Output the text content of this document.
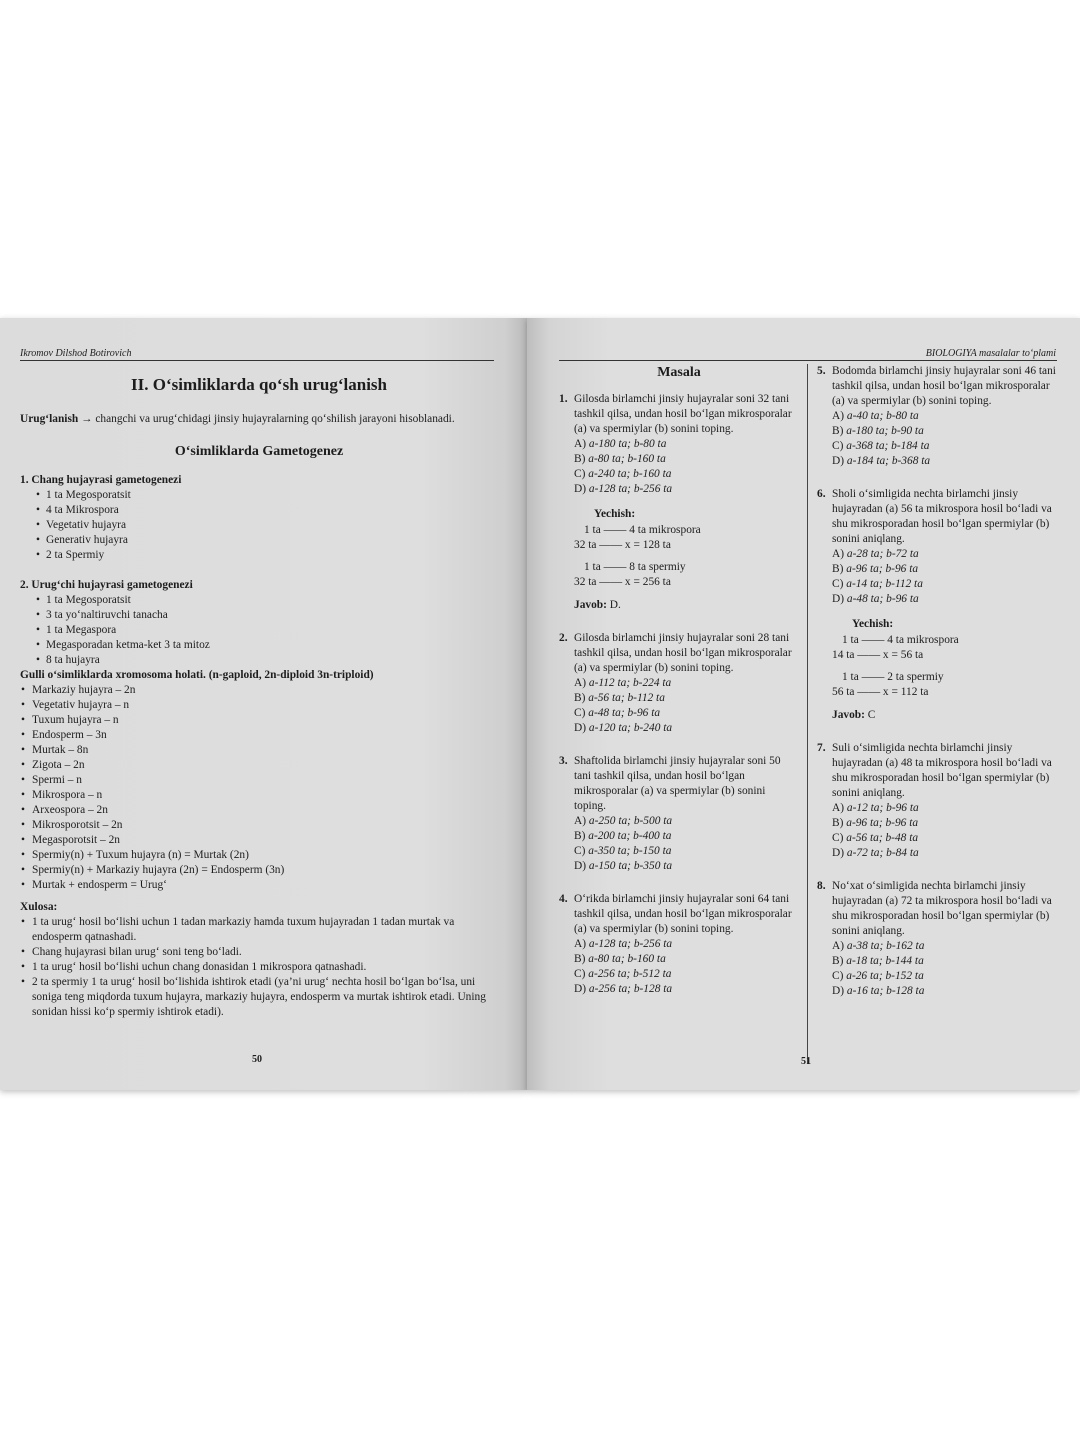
Ikromov Dilshod Botirovich
II. O‘simliklarda qo‘sh urug‘lanish

Urug‘lanish → changchi va urug‘chidagi jinsiy hujayralarning qo‘shilish jarayoni hisoblanadi.

O‘simliklarda Gametogenez

1. Chang hujayrasi gametogenezi

• 1 ta Megosporatsit
• 4 ta Mikrospora
• Vegetativ hujayra
• Generativ hujayra
• 2 ta Spermiy

2. Urug‘chi hujayrasi gametogenezi

• 1 ta Megosporatsit
• 3 ta yo‘naltiruvchi tanacha
• 1 ta Megaspora
• Megasporadan ketma-ket 3 ta mitoz
• 8 ta hujayra

Gulli o‘simliklarda xromosoma holati. (n-gaploid, 2n-diploid 3n-triploid)

• Markaziy hujayra – 2n
• Vegetativ hujayra – n
• Tuxum hujayra – n
• Endosperm – 3n
• Murtak – 8n
• Zigota – 2n
• Spermi – n
• Mikrospora – n
• Arxeospora – 2n
• Mikrosporotsit – 2n
• Megasporotsit – 2n
• Spermiy(n) + Tuxum hujayra (n) = Murtak (2n)
• Spermiy(n) + Markaziy hujayra (2n) = Endosperm (3n)
• Murtak + endosperm = Urug‘

Xulosa:

• 1 ta urug‘ hosil bo‘lishi uchun 1 tadan markaziy hamda tuxum hujayradan 1 tadan murtak va endosperm qatnashadi.
• Chang hujayrasi bilan urug‘ soni teng bo‘ladi.
• 1 ta urug‘ hosil bo‘lishi uchun chang donasidan 1 mikrospora qatnashadi.
• 2 ta spermiy 1 ta urug‘ hosil bo‘lishida ishtirok etadi (ya’ni urug‘ nechta hosil bo‘lgan bo‘lsa, uni soniga teng miqdorda tuxum hujayra, markaziy hujayra, endosperm va murtak ishtirok etadi. Uning sonidan hissi ko‘p spermiy ishtirok etadi).
50
BIOLOGIYA masalalar to‘plami
Masala
1. Gilosda birlamchi jinsiy hujayralar soni 32 tani tashkil qilsa, undan hosil bo‘lgan mikrosporalar (a) va spermiylar (b) sonini toping.
A) a-180 ta; b-80 ta
B) a-80 ta; b-160 ta
C) a-240 ta; b-160 ta
D) a-128 ta; b-256 ta
Yechish:
1 ta —— 4 ta mikrospora
32 ta —— x = 128 ta
1 ta —— 8 ta spermiy
32 ta —— x = 256 ta
Javob: D.
2. Gilosda birlamchi jinsiy hujayralar soni 28 tani tashkil qilsa, undan hosil bo‘lgan mikrosporalar (a) va spermiylar (b) sonini toping.
A) a-112 ta; b-224 ta
B) a-56 ta; b-112 ta
C) a-48 ta; b-96 ta
D) a-120 ta; b-240 ta
3. Shaftolida birlamchi jinsiy hujayralar soni 50 tani tashkil qilsa, undan hosil bo‘lgan mikrosporalar (a) va spermiylar (b) sonini toping.
A) a-250 ta; b-500 ta
B) a-200 ta; b-400 ta
C) a-350 ta; b-150 ta
D) a-150 ta; b-350 ta
4. O‘rikda birlamchi jinsiy hujayralar soni 64 tani tashkil qilsa, undan hosil bo‘lgan mikrosporalar (a) va spermiylar (b) sonini toping.
A) a-128 ta; b-256 ta
B) a-80 ta; b-160 ta
C) a-256 ta; b-512 ta
D) a-256 ta; b-128 ta
5. Bodomda birlamchi jinsiy hujayralar soni 46 tani tashkil qilsa, undan hosil bo‘lgan mikrosporalar (a) va spermiylar (b) sonini toping.
A) a-40 ta; b-80 ta
B) a-180 ta; b-90 ta
C) a-368 ta; b-184 ta
D) a-184 ta; b-368 ta
6. Sholi o‘simligida nechta birlamchi jinsiy hujayradan (a) 56 ta mikrospora hosil bo‘ladi va shu mikrosporadan hosil bo‘lgan spermiylar (b) sonini aniqlang.
A) a-28 ta; b-72 ta
B) a-96 ta; b-96 ta
C) a-14 ta; b-112 ta
D) a-48 ta; b-96 ta
Yechish:
1 ta —— 4 ta mikrospora
14 ta —— x = 56 ta
1 ta —— 2 ta spermiy
56 ta —— x = 112 ta
Javob: C
7. Suli o‘simligida nechta birlamchi jinsiy hujayradan (a) 48 ta mikrospora hosil bo‘ladi va shu mikrosporadan hosil bo‘lgan spermiylar (b) sonini aniqlang.
A) a-12 ta; b-96 ta
B) a-96 ta; b-96 ta
C) a-56 ta; b-48 ta
D) a-72 ta; b-84 ta
8. No‘xat o‘simligida nechta birlamchi jinsiy hujayradan (a) 72 ta mikrospora hosil bo‘ladi va shu mikrosporadan hosil bo‘lgan spermiylar (b) sonini aniqlang.
A) a-38 ta; b-162 ta
B) a-18 ta; b-144 ta
C) a-26 ta; b-152 ta
D) a-16 ta; b-128 ta
51
